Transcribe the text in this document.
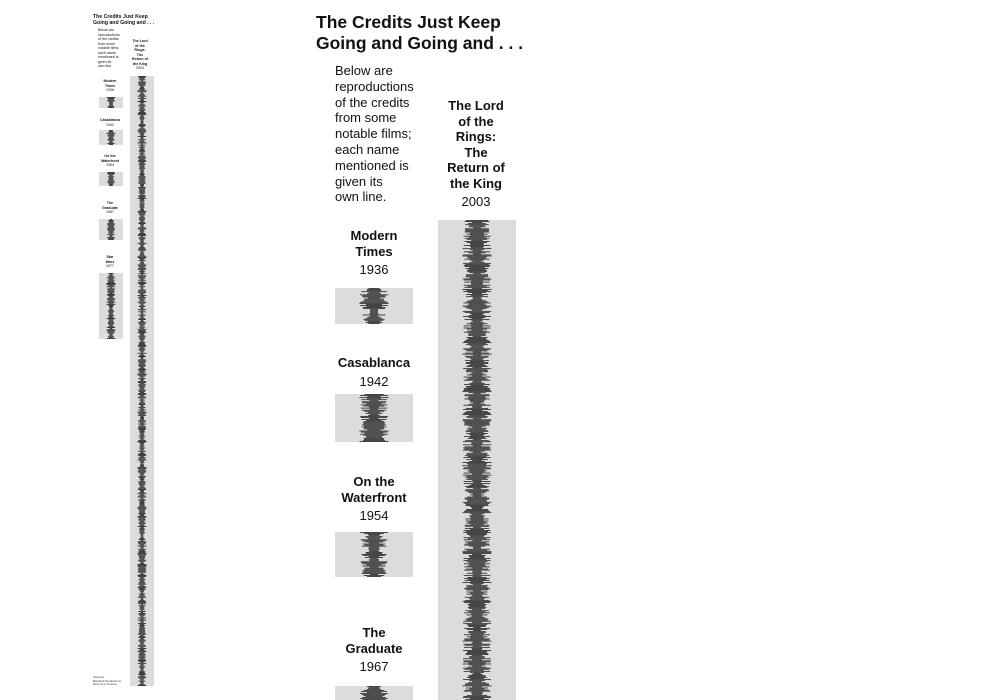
The Credits Just Keep
Going and Going and . . .
Below are
reproductions
of the credits
from some
notable films;
each name
mentioned is
given its
own line.
Modern
Times
1936
Casablanca
1942
On the
Waterfront
1954
The
Graduate
1967
Star
Wars
1977
The Lord
of the
Rings:
The
Return of
the King
2003
Sources:
Barsford Productions
New Line Cinema
The Credits Just Keep
Going and Going and . . .
Below are
reproductions
of the credits
from some
notable films;
each name
mentioned is
given its
own line.
Modern
Times
1936
Casablanca
1942
On the
Waterfront
1954
The
Graduate
1967
The Lord
of the
Rings:
The
Return of
the King
2003
